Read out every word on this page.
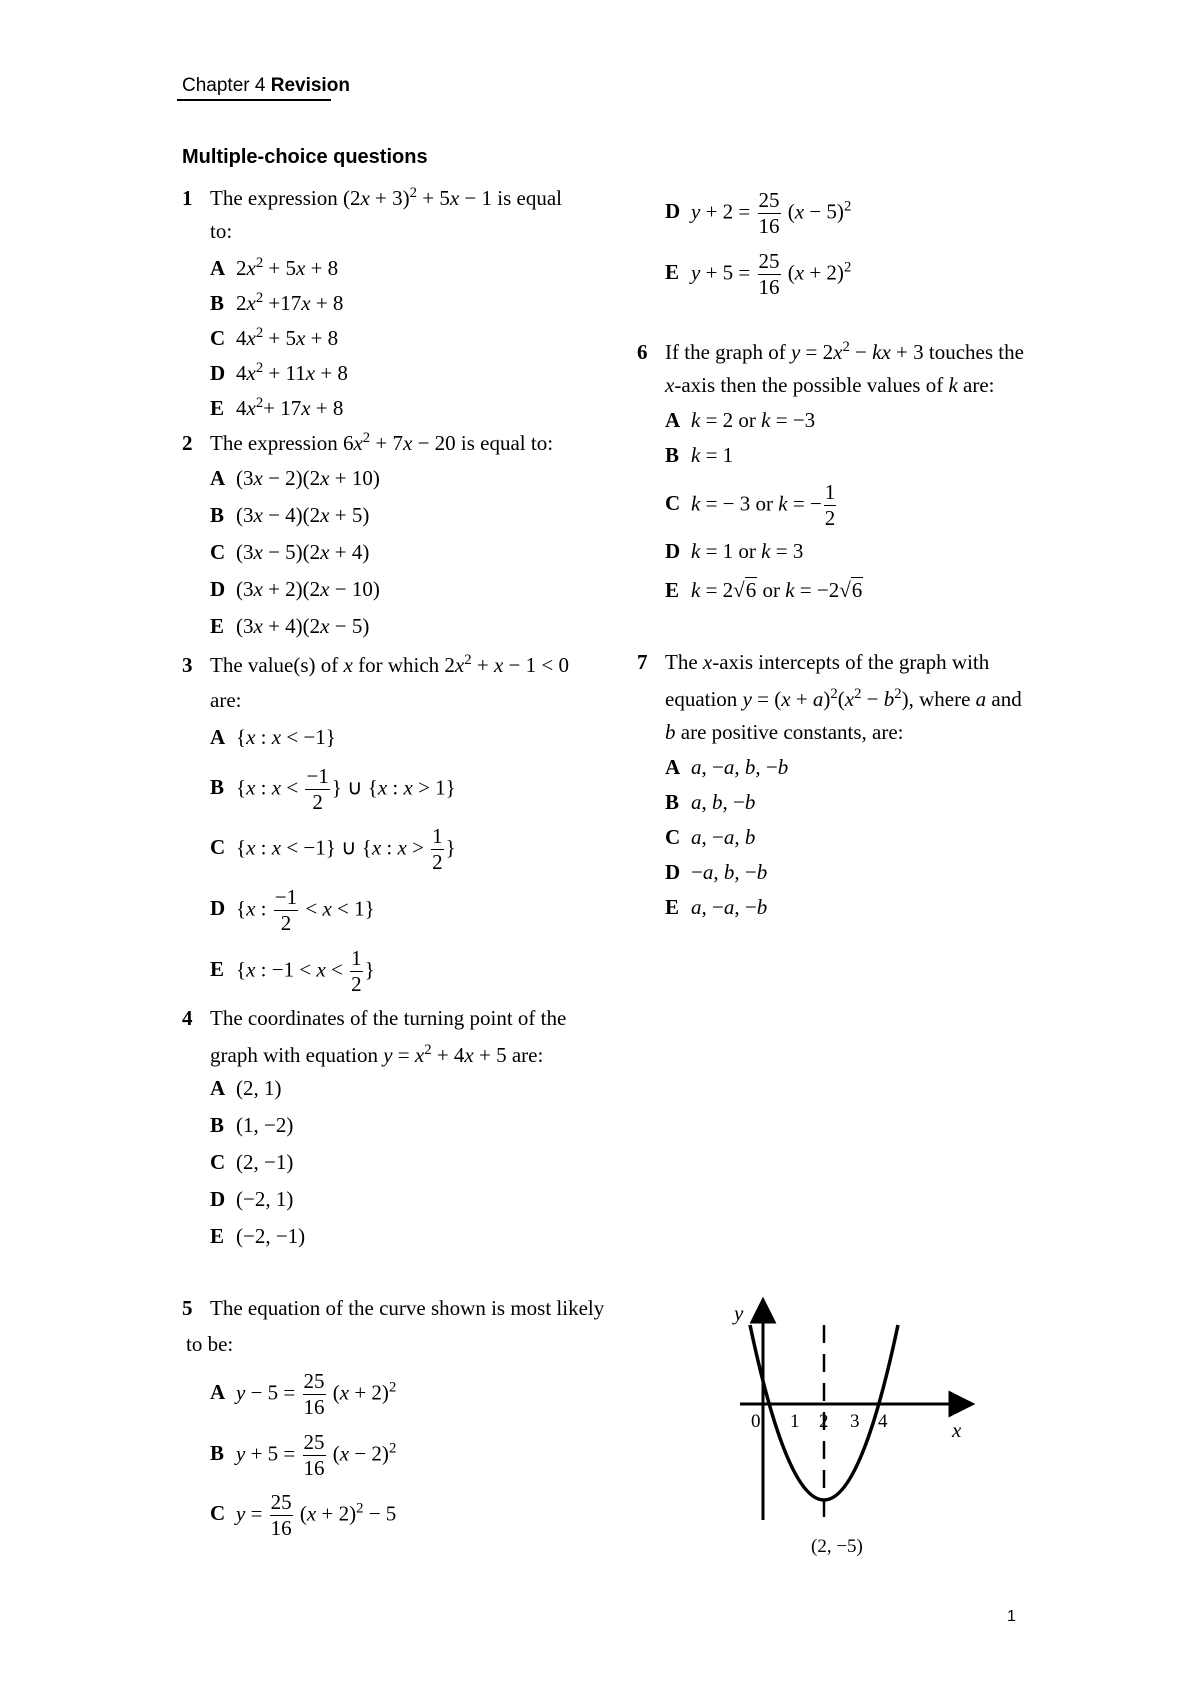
Chapter 4 Revision
Multiple-choice questions
1 The expression $(2x + 3)^2 + 5x - 1$ is equal
to:
A $2x^2 + 5x + 8$
B $2x^2 +17x + 8$
C $4x^2 + 5x + 8$
D $4x^2 + 11x + 8$
E $4x^2+ 17x + 8$
2 The expression $6x^2 + 7x - 20$ is equal to:
A (3x − 2)(2x + 10)
B (3x − 4)(2x + 5)
C (3x − 5)(2x + 4)
D (3x + 2)(2x − 10)
E (3x + 4)(2x − 5)
3 The value(s) of x for which $2x^2 + x - 1 < 0$
are:
A {x : x < −1}
B {x : $x < \frac{-1}{2}$ } ∪ {x : x > 1}
C {x : x < −1} ∪ {x : $x > \frac{1}{2}$ }
D {x : $\frac{-1}{2} < x < 1$}
E {x : $-1 < x < \frac{1}{2}$ }
4 The coordinates of the turning point of the
graph with equation $y = x^2 + 4x + 5$ are:
A (2, 1)
B (1, −2)
C (2, −1)
D (−2, 1)
E (−2, −1)
5 The equation of the curve shown is most likely
to be:
A $y - 5 = \frac{25}{16} (x + 2)^2$
B $y + 5 = \frac{25}{16} (x - 2)^2$
C $y = \frac{25}{16} (x + 2)^2 - 5$
D $y + 2 = \frac{25}{16} (x - 5)^2$
E $y + 5 = \frac{25}{16} (x + 2)^2$
6 If the graph of $y = 2x^2$ − kx + 3 touches the
x-axis then the possible values of k are:
A k = 2 or k = −3
B k = 1
C k = − 3 or k = − $\frac{1}{2}$
D k = 1 or k = 3
E k = 2√6 or k = −2√6
7 The x-axis intercepts of the graph with
equation $y = (x + a)^2(x^2 - b^2)$, where a and
b are positive constants, are:
A a, −a, b, −b
B a, b, −b
C a, −a, b
D −a, b, −b
E a, −a, −b
y
x
0 1 2 3 4
(2, −5)
1
